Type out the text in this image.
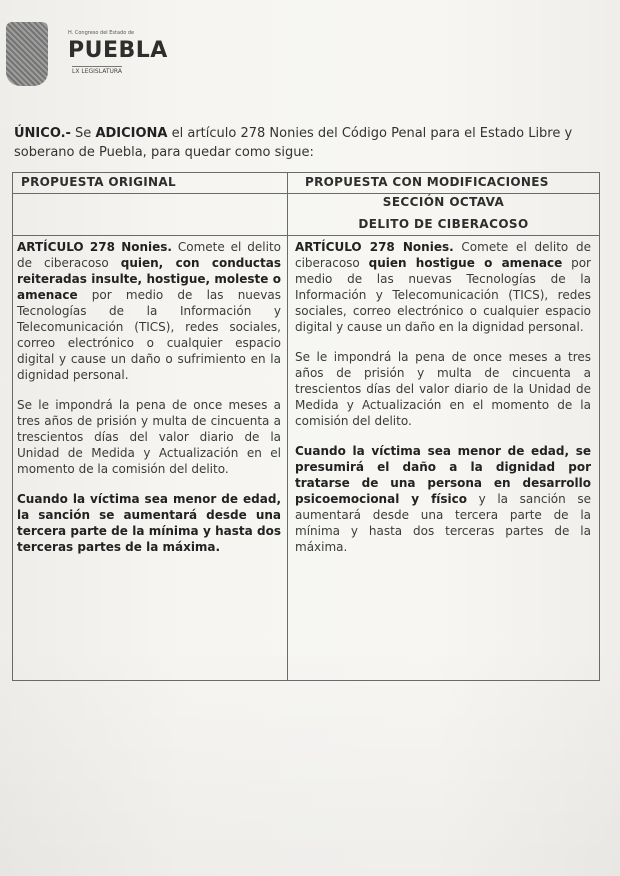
H. Congreso del Estado de
PUEBLA
LX LEGISLATURA
ÚNICO.- Se ADICIONA el artículo 278 Nonies del Código Penal para el Estado Libre y soberano de Puebla, para quedar como sigue:
PROPUESTA ORIGINAL	PROPUESTA CON MODIFICACIONES
SECCIÓN OCTAVA
DELITO DE CIBERACOSO

ARTÍCULO 278 Nonies. Comete el delito de ciberacoso quien, con conductas reiteradas insulte, hostigue, moleste o amenace por medio de las nuevas Tecnologías de la Información y Telecomunicación (TICS), redes sociales, correo electrónico o cualquier espacio digital y cause un daño o sufrimiento en la dignidad personal.

Se le impondrá la pena de once meses a tres años de prisión y multa de cincuenta a trescientos días del valor diario de la Unidad de Medida y Actualización en el momento de la comisión del delito.

Cuando la víctima sea menor de edad, la sanción se aumentará desde una tercera parte de la mínima y hasta dos terceras partes de la máxima.

ARTÍCULO 278 Nonies. Comete el delito de ciberacoso quien hostigue o amenace por medio de las nuevas Tecnologías de la Información y Telecomunicación (TICS), redes sociales, correo electrónico o cualquier espacio digital y cause un daño en la dignidad personal.

Se le impondrá la pena de once meses a tres años de prisión y multa de cincuenta a trescientos días del valor diario de la Unidad de Medida y Actualización en el momento de la comisión del delito.

Cuando la víctima sea menor de edad, se presumirá el daño a la dignidad por tratarse de una persona en desarrollo psicoemocional y físico y la sanción se aumentará desde una tercera parte de la mínima y hasta dos terceras partes de la máxima.
